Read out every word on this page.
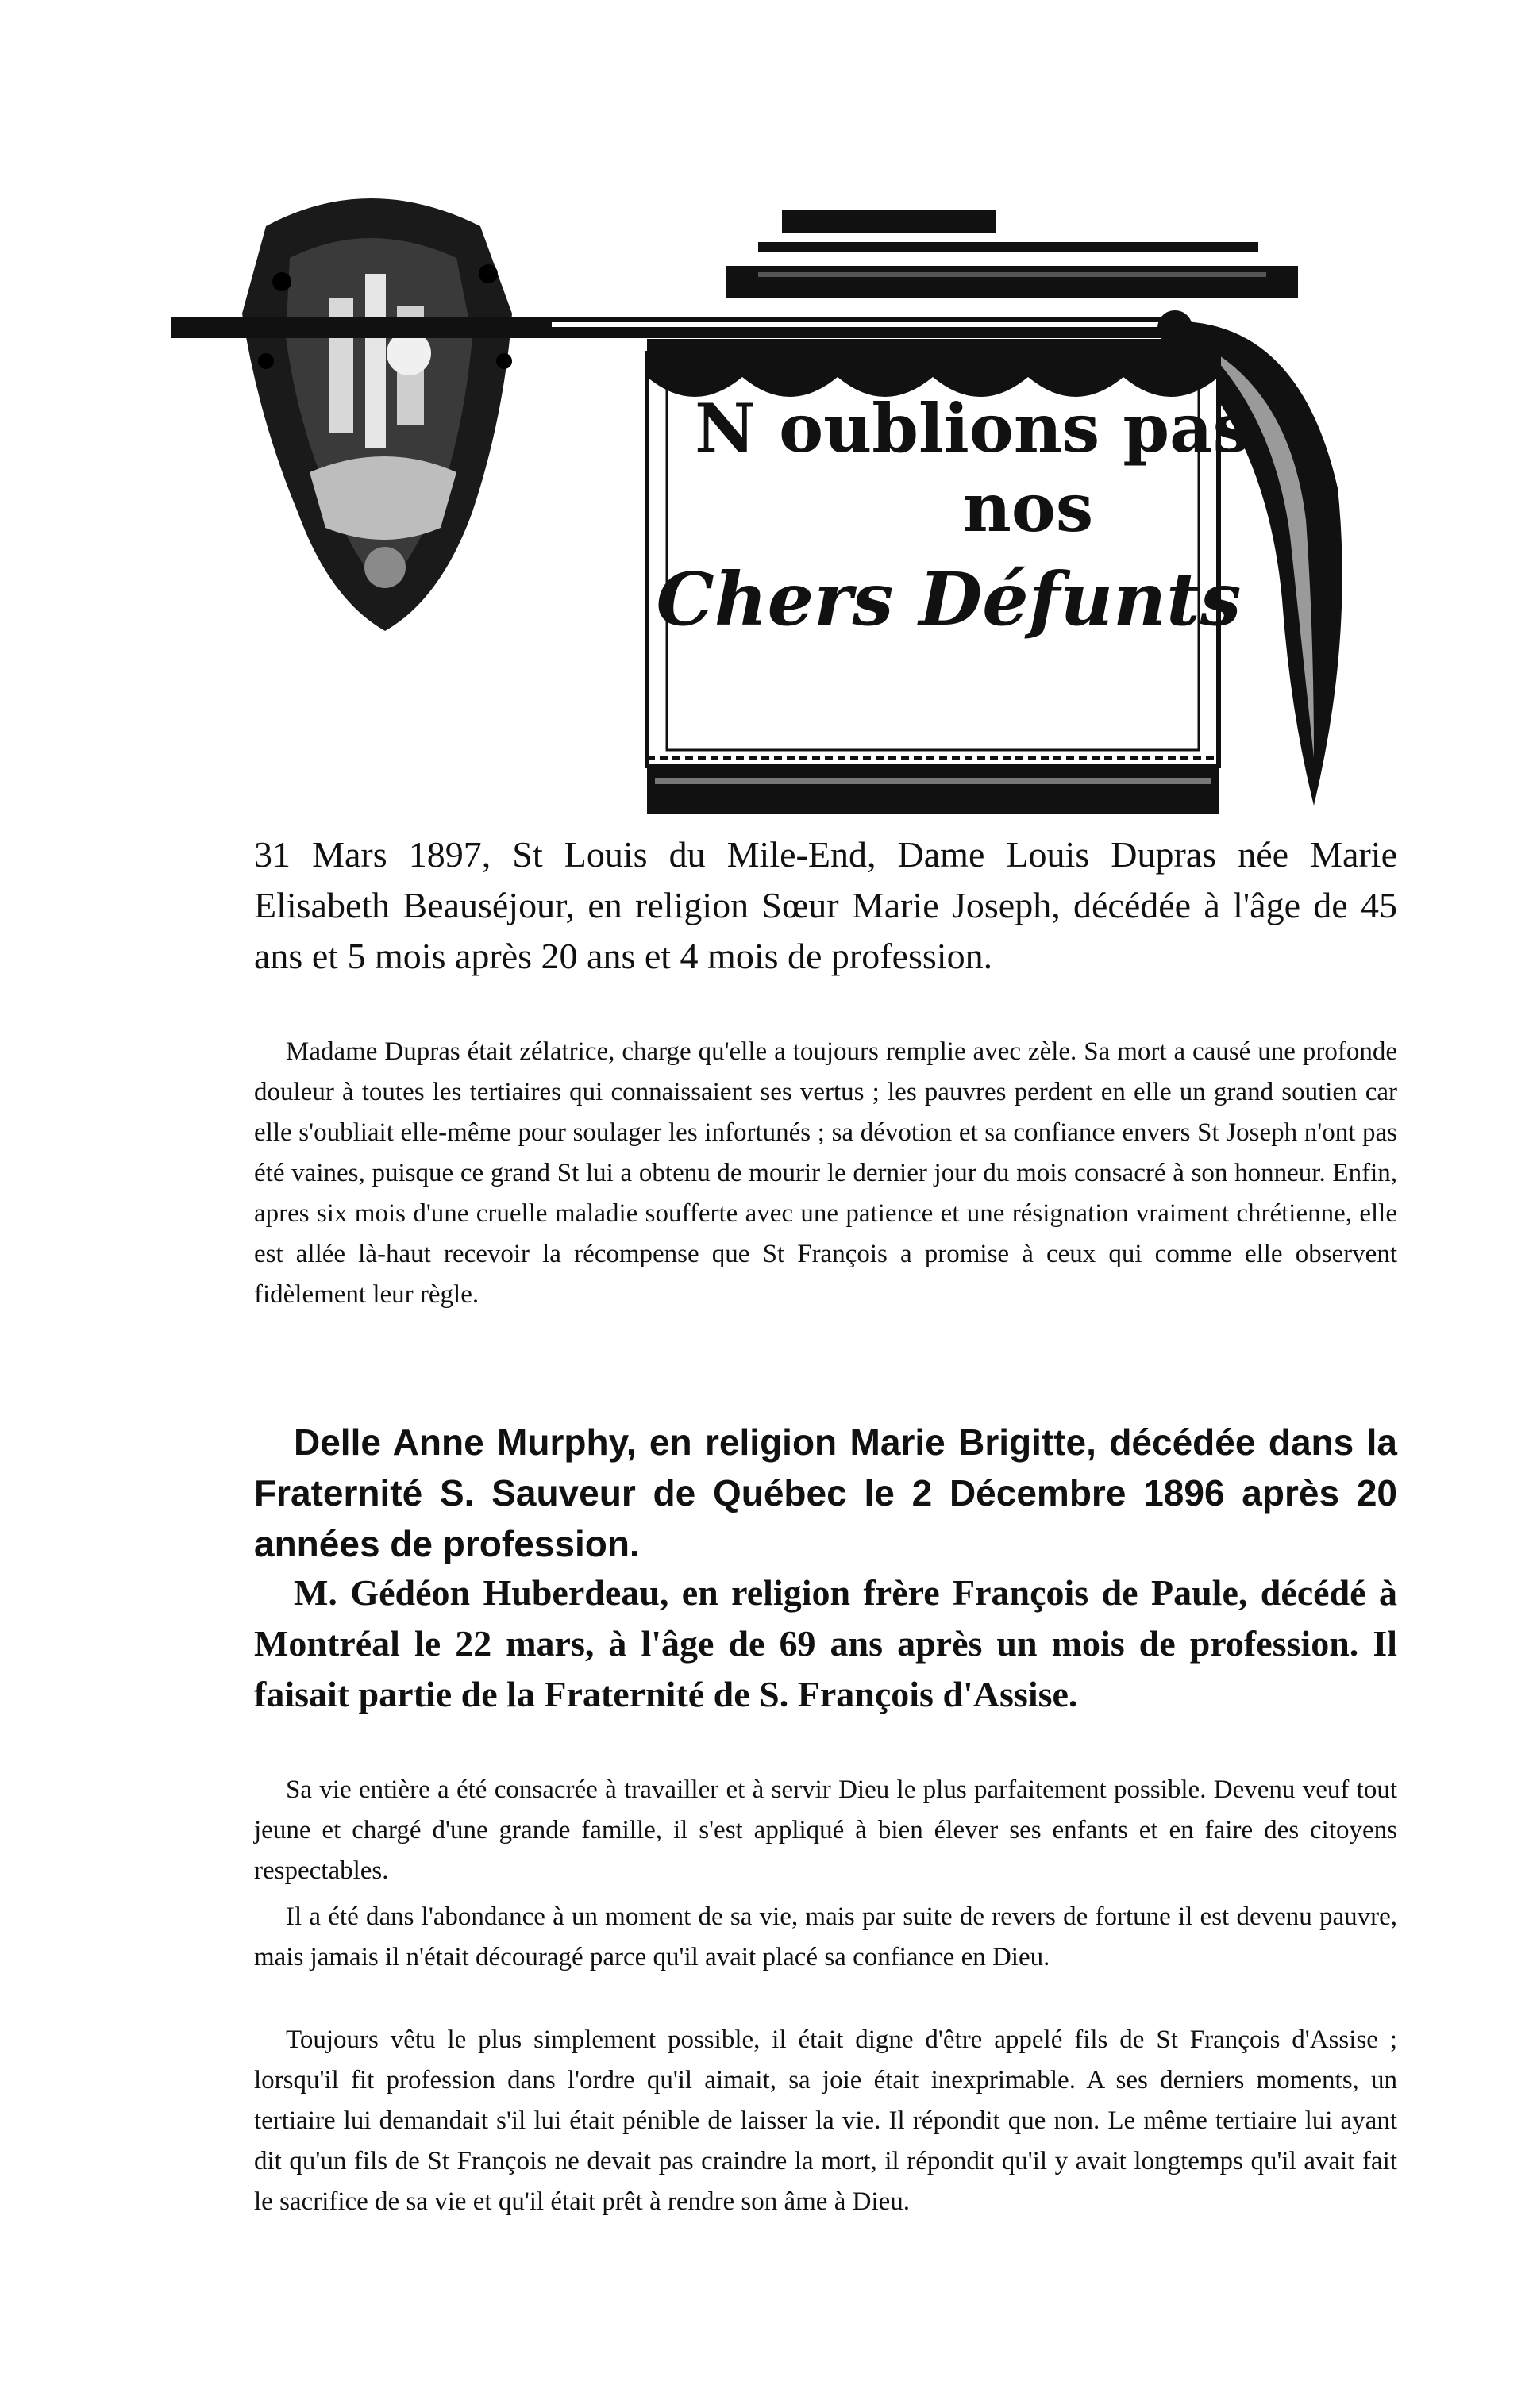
N oublions pas
nos
Chers Défunts

31 Mars 1897, St Louis du Mile-End, Dame Louis Dupras née Marie Elisabeth Beauséjour, en religion Sœur Marie Joseph, décédée à l'âge de 45 ans et 5 mois après 20 ans et 4 mois de profession.

Madame Dupras était zélatrice, charge qu'elle a toujours remplie avec zèle. Sa mort a causé une profonde douleur à toutes les tertiaires qui connaissaient ses vertus ; les pauvres perdent en elle un grand soutien car elle s'oubliait elle-même pour soulager les infortunés ; sa dévotion et sa confiance envers St Joseph n'ont pas été vaines, puisque ce grand St lui a obtenu de mourir le dernier jour du mois consacré à son honneur. Enfin, apres six mois d'une cruelle maladie soufferte avec une patience et une résignation vraiment chrétienne, elle est allée là-haut recevoir la récompense que St François a promise à ceux qui comme elle observent fidèlement leur règle.

Delle Anne Murphy, en religion Marie Brigitte, décédée dans la Fraternité S. Sauveur de Québec le 2 Décembre 1896 après 20 années de profession.

M. Gédéon Huberdeau, en religion frère François de Paule, décédé à Montréal le 22 mars, à l'âge de 69 ans après un mois de profession. Il faisait partie de la Fraternité de S. François d'Assise.

Sa vie entière a été consacrée à travailler et à servir Dieu le plus parfaitement possible. Devenu veuf tout jeune et chargé d'une grande famille, il s'est appliqué à bien élever ses enfants et en faire des citoyens respectables.

Il a été dans l'abondance à un moment de sa vie, mais par suite de revers de fortune il est devenu pauvre, mais jamais il n'était découragé parce qu'il avait placé sa confiance en Dieu.

Toujours vêtu le plus simplement possible, il était digne d'être appelé fils de St François d'Assise ; lorsqu'il fit profession dans l'ordre qu'il aimait, sa joie était inexprimable. A ses derniers moments, un tertiaire lui demandait s'il lui était pénible de laisser la vie. Il répondit que non. Le même tertiaire lui ayant dit qu'un fils de St François ne devait pas craindre la mort, il répondit qu'il y avait longtemps qu'il avait fait le sacrifice de sa vie et qu'il était prêt à rendre son âme à Dieu.
